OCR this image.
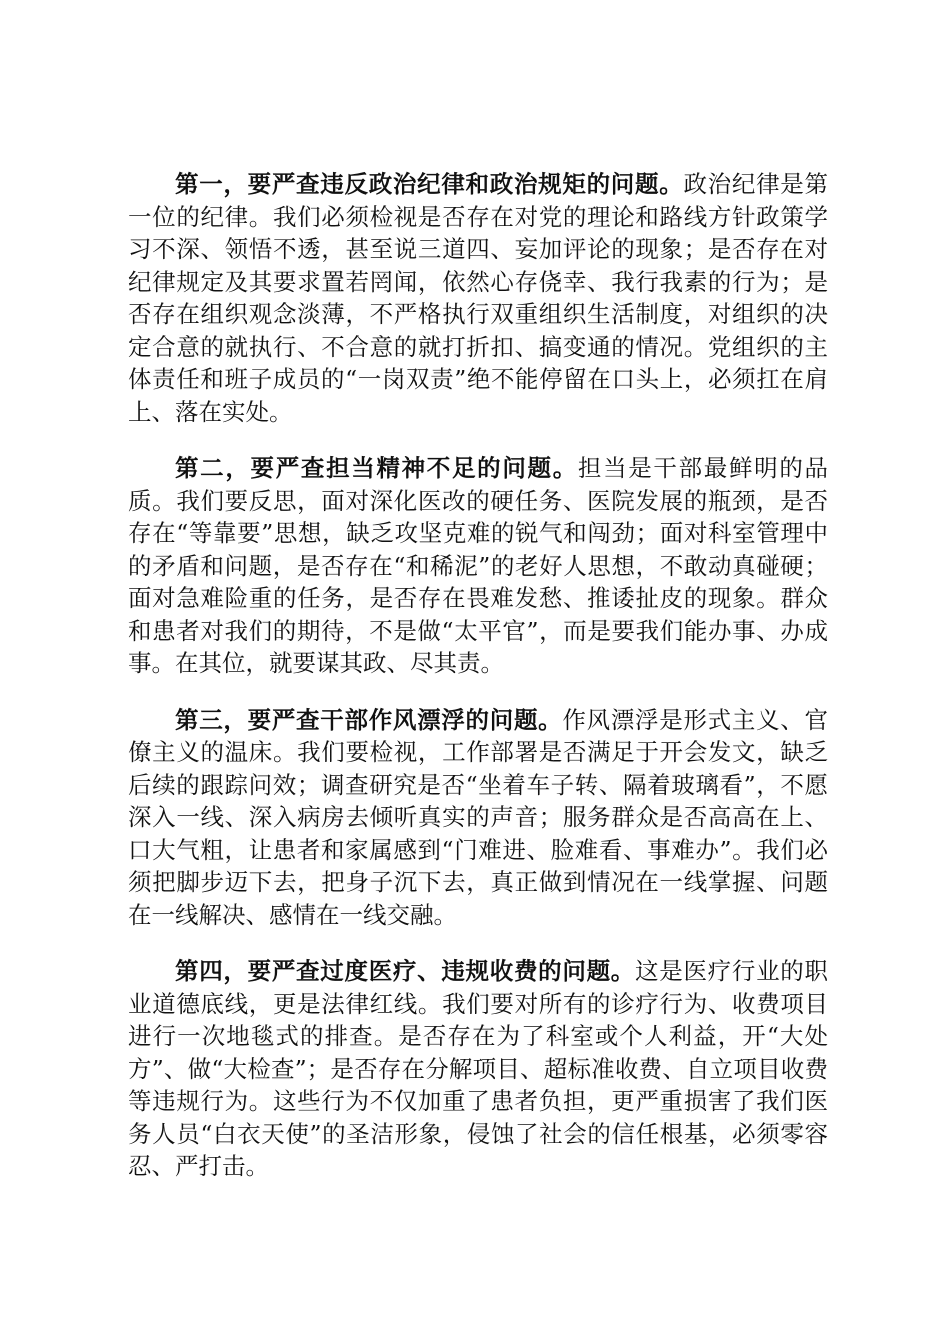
第一，要严查违反政治纪律和政治规矩的问题。政治纪律是第一位的纪律。我们必须检视是否存在对党的理论和路线方针政策学习不深、领悟不透，甚至说三道四、妄加评论的现象；是否存在对纪律规定及其要求置若罔闻，依然心存侥幸、我行我素的行为；是否存在组织观念淡薄，不严格执行双重组织生活制度，对组织的决定合意的就执行、不合意的就打折扣、搞变通的情况。党组织的主体责任和班子成员的“一岗双责”绝不能停留在口头上，必须扛在肩上、落在实处。

第二，要严查担当精神不足的问题。担当是干部最鲜明的品质。我们要反思，面对深化医改的硬任务、医院发展的瓶颈，是否存在“等靠要”思想，缺乏攻坚克难的锐气和闯劲；面对科室管理中的矛盾和问题，是否存在“和稀泥”的老好人思想，不敢动真碰硬；面对急难险重的任务，是否存在畏难发愁、推诿扯皮的现象。群众和患者对我们的期待，不是做“太平官”，而是要我们能办事、办成事。在其位，就要谋其政、尽其责。

第三，要严查干部作风漂浮的问题。作风漂浮是形式主义、官僚主义的温床。我们要检视，工作部署是否满足于开会发文，缺乏后续的跟踪问效；调查研究是否“坐着车子转、隔着玻璃看”，不愿深入一线、深入病房去倾听真实的声音；服务群众是否高高在上、口大气粗，让患者和家属感到“门难进、脸难看、事难办”。我们必须把脚步迈下去，把身子沉下去，真正做到情况在一线掌握、问题在一线解决、感情在一线交融。

第四，要严查过度医疗、违规收费的问题。这是医疗行业的职业道德底线，更是法律红线。我们要对所有的诊疗行为、收费项目进行一次地毯式的排查。是否存在为了科室或个人利益，开“大处方”、做“大检查”；是否存在分解项目、超标准收费、自立项目收费等违规行为。这些行为不仅加重了患者负担，更严重损害了我们医务人员“白衣天使”的圣洁形象，侵蚀了社会的信任根基，必须零容忍、严打击。
